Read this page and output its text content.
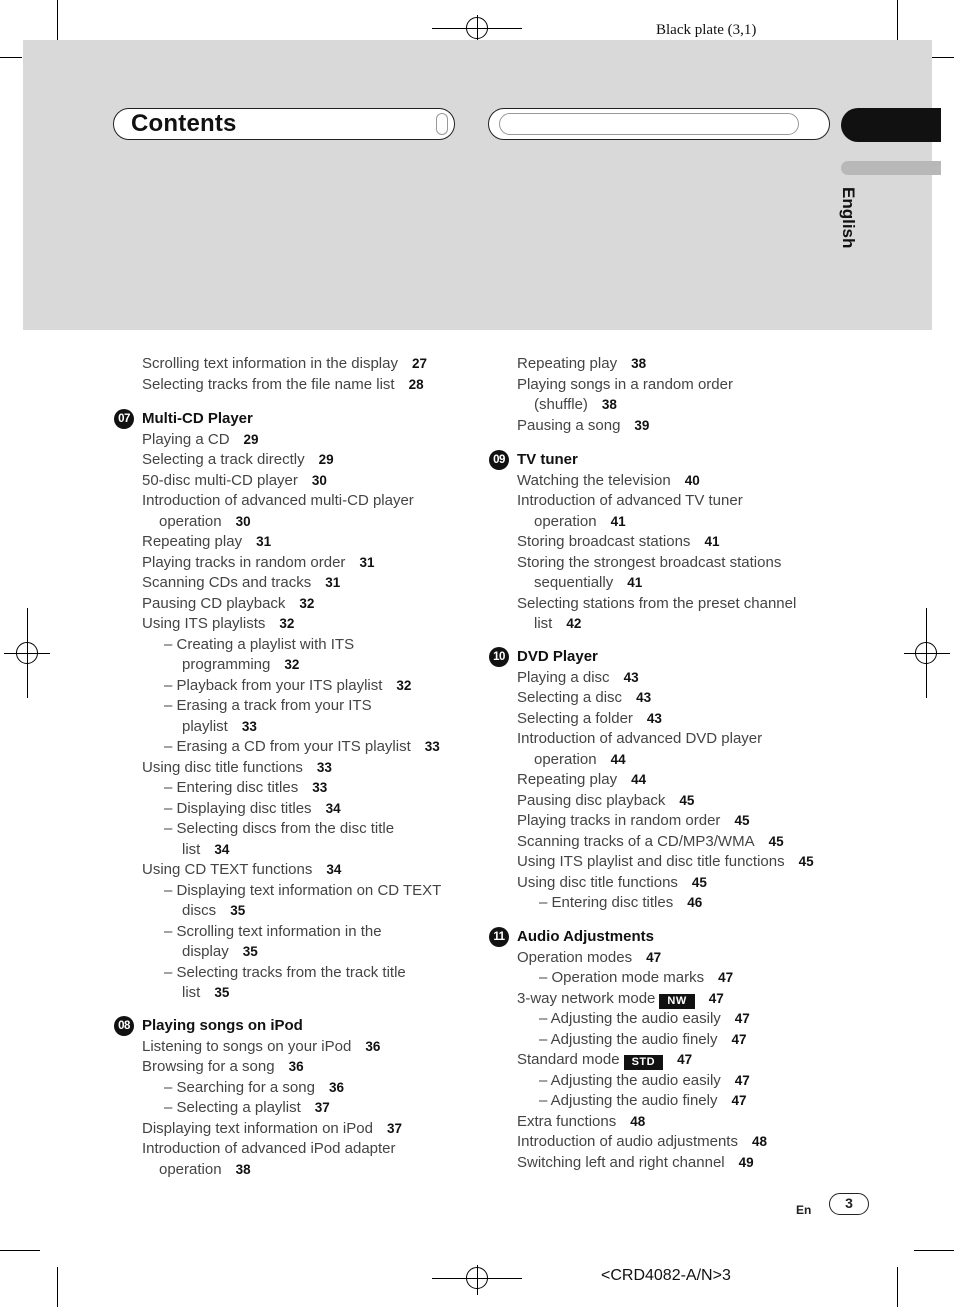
Black plate (3,1)
Contents
English
Scrolling text information in the display 27
Selecting tracks from the file name list 28
07 Multi-CD Player
Playing a CD 29
Selecting a track directly 29
50-disc multi-CD player 30
Introduction of advanced multi-CD player
operation 30
Repeating play 31
Playing tracks in random order 31
Scanning CDs and tracks 31
Pausing CD playback 32
Using ITS playlists 32
– Creating a playlist with ITS
programming 32
– Playback from your ITS playlist 32
– Erasing a track from your ITS
playlist 33
– Erasing a CD from your ITS playlist 33
Using disc title functions 33
– Entering disc titles 33
– Displaying disc titles 34
– Selecting discs from the disc title
list 34
Using CD TEXT functions 34
– Displaying text information on CD TEXT
discs 35
– Scrolling text information in the
display 35
– Selecting tracks from the track title
list 35
08 Playing songs on iPod
Listening to songs on your iPod 36
Browsing for a song 36
– Searching for a song 36
– Selecting a playlist 37
Displaying text information on iPod 37
Introduction of advanced iPod adapter
operation 38
Repeating play 38
Playing songs in a random order
(shuffle) 38
Pausing a song 39
09 TV tuner
Watching the television 40
Introduction of advanced TV tuner
operation 41
Storing broadcast stations 41
Storing the strongest broadcast stations
sequentially 41
Selecting stations from the preset channel
list 42
10 DVD Player
Playing a disc 43
Selecting a disc 43
Selecting a folder 43
Introduction of advanced DVD player
operation 44
Repeating play 44
Pausing disc playback 45
Playing tracks in random order 45
Scanning tracks of a CD/MP3/WMA 45
Using ITS playlist and disc title functions 45
Using disc title functions 45
– Entering disc titles 46
11 Audio Adjustments
Operation modes 47
– Operation mode marks 47
3-way network mode NW 47
– Adjusting the audio easily 47
– Adjusting the audio finely 47
Standard mode STD 47
– Adjusting the audio easily 47
– Adjusting the audio finely 47
Extra functions 48
Introduction of audio adjustments 48
Switching left and right channel 49
En	3
<CRD4082-A/N>3
